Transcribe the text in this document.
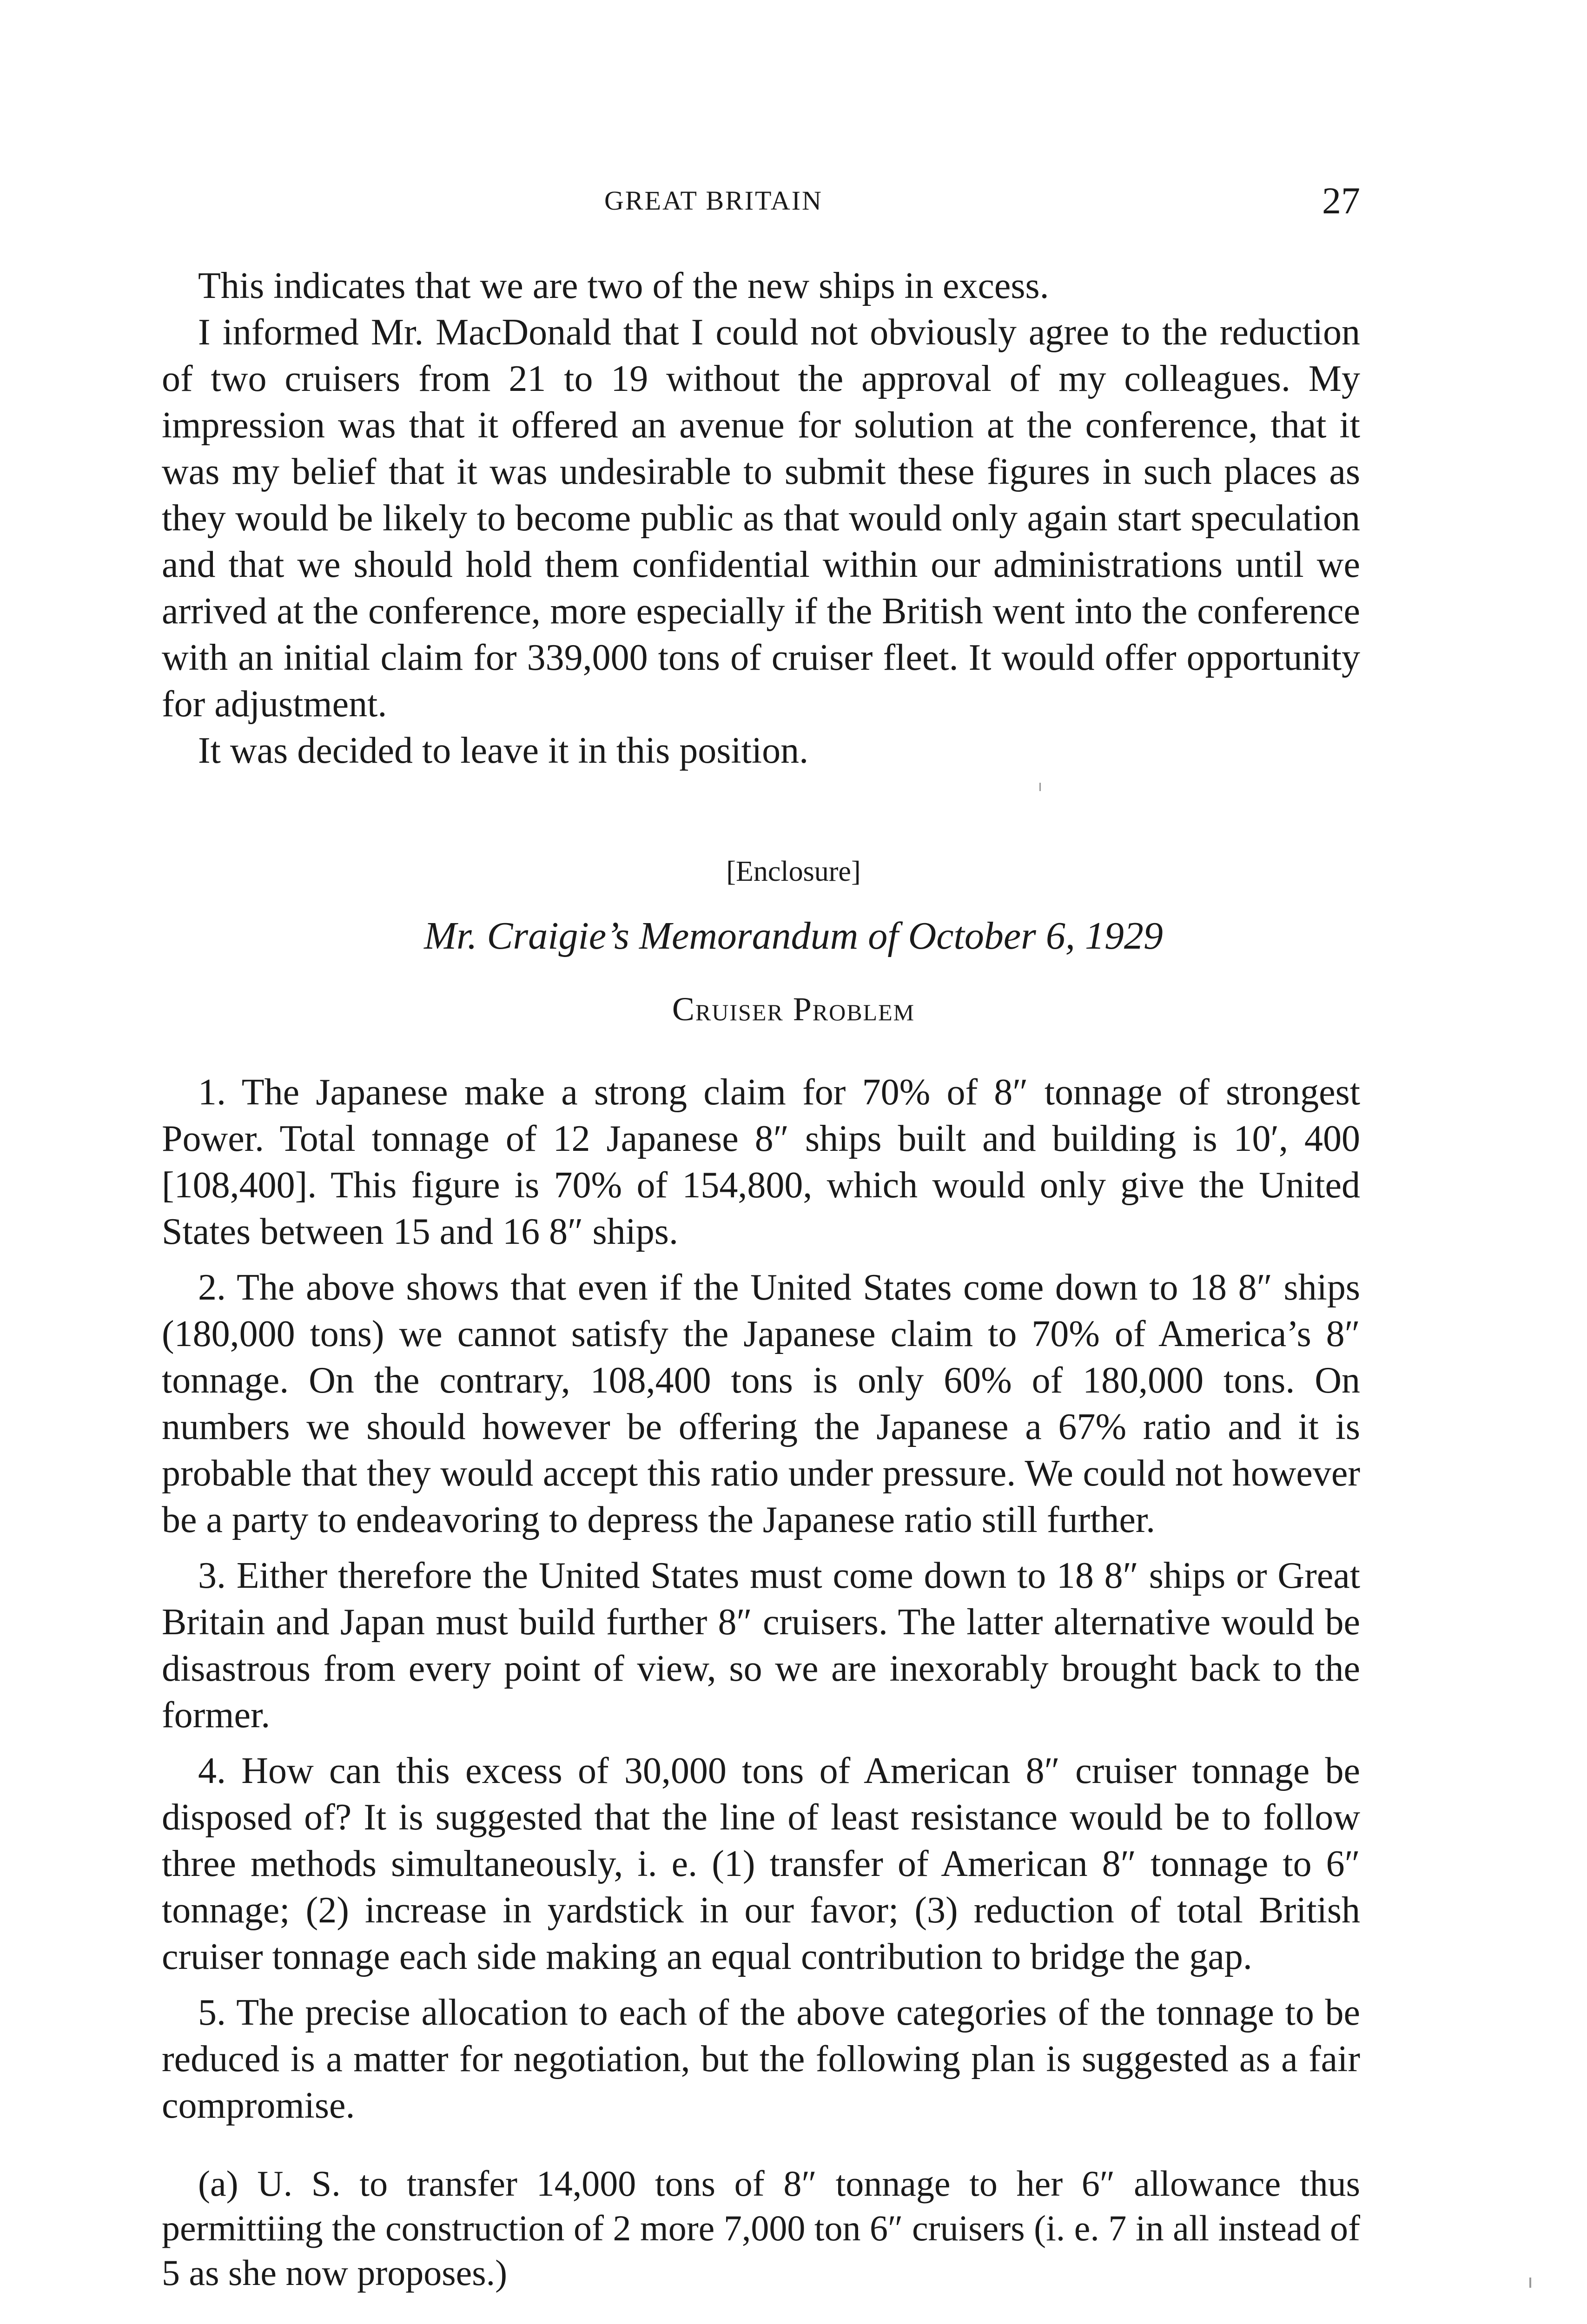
GREAT BRITAIN	27

This indicates that we are two of the new ships in excess.

I informed Mr. MacDonald that I could not obviously agree to the reduction of two cruisers from 21 to 19 without the approval of my colleagues. My impression was that it offered an avenue for solution at the conference, that it was my belief that it was undesirable to submit these figures in such places as they would be likely to become public as that would only again start speculation and that we should hold them confidential within our administrations until we arrived at the conference, more especially if the British went into the conference with an initial claim for 339,000 tons of cruiser fleet. It would offer opportunity for adjustment.

It was decided to leave it in this position.

[Enclosure]
Mr. Craigie’s Memorandum of October 6, 1929
Cruiser Problem

1. The Japanese make a strong claim for 70% of 8″ tonnage of strongest Power. Total tonnage of 12 Japanese 8″ ships built and building is 10′, 400 [108,400]. This figure is 70% of 154,800, which would only give the United States between 15 and 16 8″ ships.

2. The above shows that even if the United States come down to 18 8″ ships (180,000 tons) we cannot satisfy the Japanese claim to 70% of America’s 8″ tonnage. On the contrary, 108,400 tons is only 60% of 180,000 tons. On numbers we should however be offering the Japanese a 67% ratio and it is probable that they would accept this ratio under pressure. We could not however be a party to endeavoring to depress the Japanese ratio still further.

3. Either therefore the United States must come down to 18 8″ ships or Great Britain and Japan must build further 8″ cruisers. The latter alternative would be disastrous from every point of view, so we are inexorably brought back to the former.

4. How can this excess of 30,000 tons of American 8″ cruiser tonnage be disposed of? It is suggested that the line of least resistance would be to follow three methods simultaneously, i. e. (1) transfer of American 8″ tonnage to 6″ tonnage; (2) increase in yardstick in our favor; (3) reduction of total British cruiser tonnage each side making an equal contribution to bridge the gap.

5. The precise allocation to each of the above categories of the tonnage to be reduced is a matter for negotiation, but the following plan is suggested as a fair compromise.

(a) U. S. to transfer 14,000 tons of 8″ tonnage to her 6″ allowance thus permittiing the construction of 2 more 7,000 ton 6″ cruisers (i. e. 7 in all instead of 5 as she now proposes.)
